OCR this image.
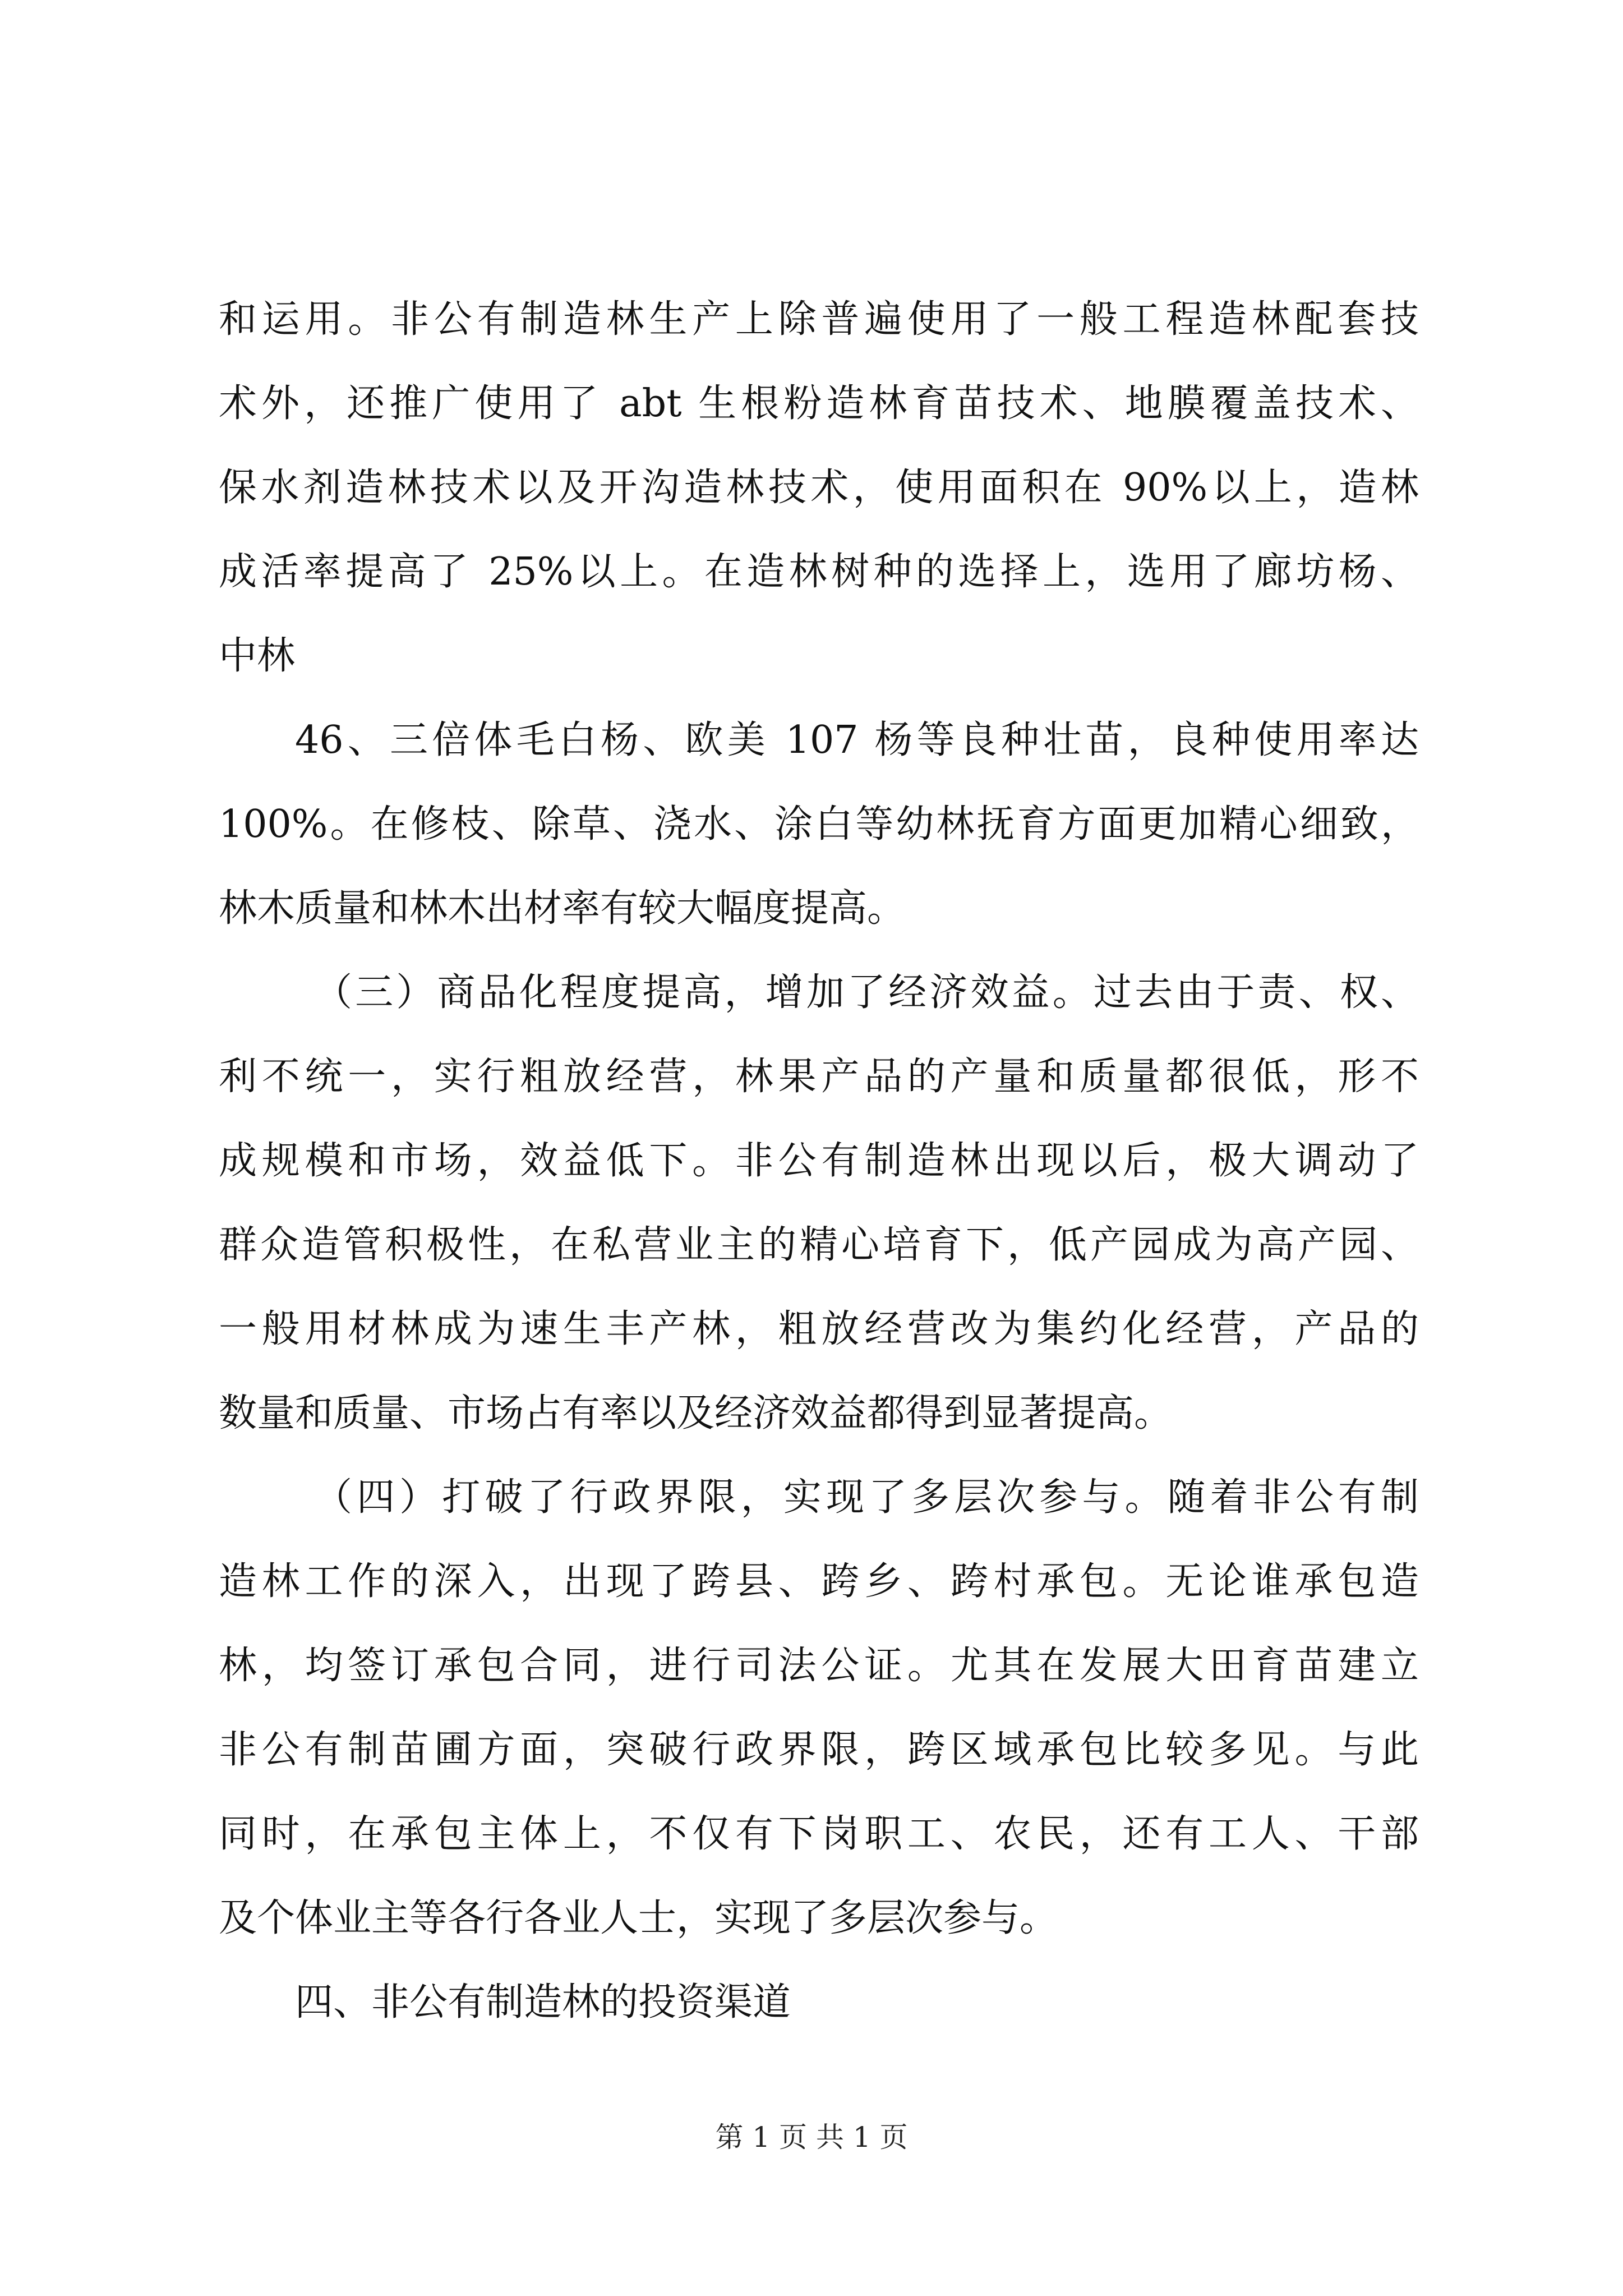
和运用。非公有制造林生产上除普遍使用了一般工程造林配套技
术外，还推广使用了 abt 生根粉造林育苗技术、地膜覆盖技术、
保水剂造林技术以及开沟造林技术，使用面积在 90%以上，造林
成活率提高了 25%以上。在造林树种的选择上，选用了廊坊杨、
中林
46、三倍体毛白杨、欧美 107 杨等良种壮苗，良种使用率达
100%。在修枝、除草、浇水、涂白等幼林抚育方面更加精心细致，
林木质量和林木出材率有较大幅度提高。
（三）商品化程度提高，增加了经济效益。过去由于责、权、
利不统一，实行粗放经营，林果产品的产量和质量都很低，形不
成规模和市场，效益低下。非公有制造林出现以后，极大调动了
群众造管积极性，在私营业主的精心培育下，低产园成为高产园、
一般用材林成为速生丰产林，粗放经营改为集约化经营，产品的
数量和质量、市场占有率以及经济效益都得到显著提高。
（四）打破了行政界限，实现了多层次参与。随着非公有制
造林工作的深入，出现了跨县、跨乡、跨村承包。无论谁承包造
林，均签订承包合同，进行司法公证。尤其在发展大田育苗建立
非公有制苗圃方面，突破行政界限，跨区域承包比较多见。与此
同时，在承包主体上，不仅有下岗职工、农民，还有工人、干部
及个体业主等各行各业人士，实现了多层次参与。
四、非公有制造林的投资渠道
第 1 页 共 1 页
